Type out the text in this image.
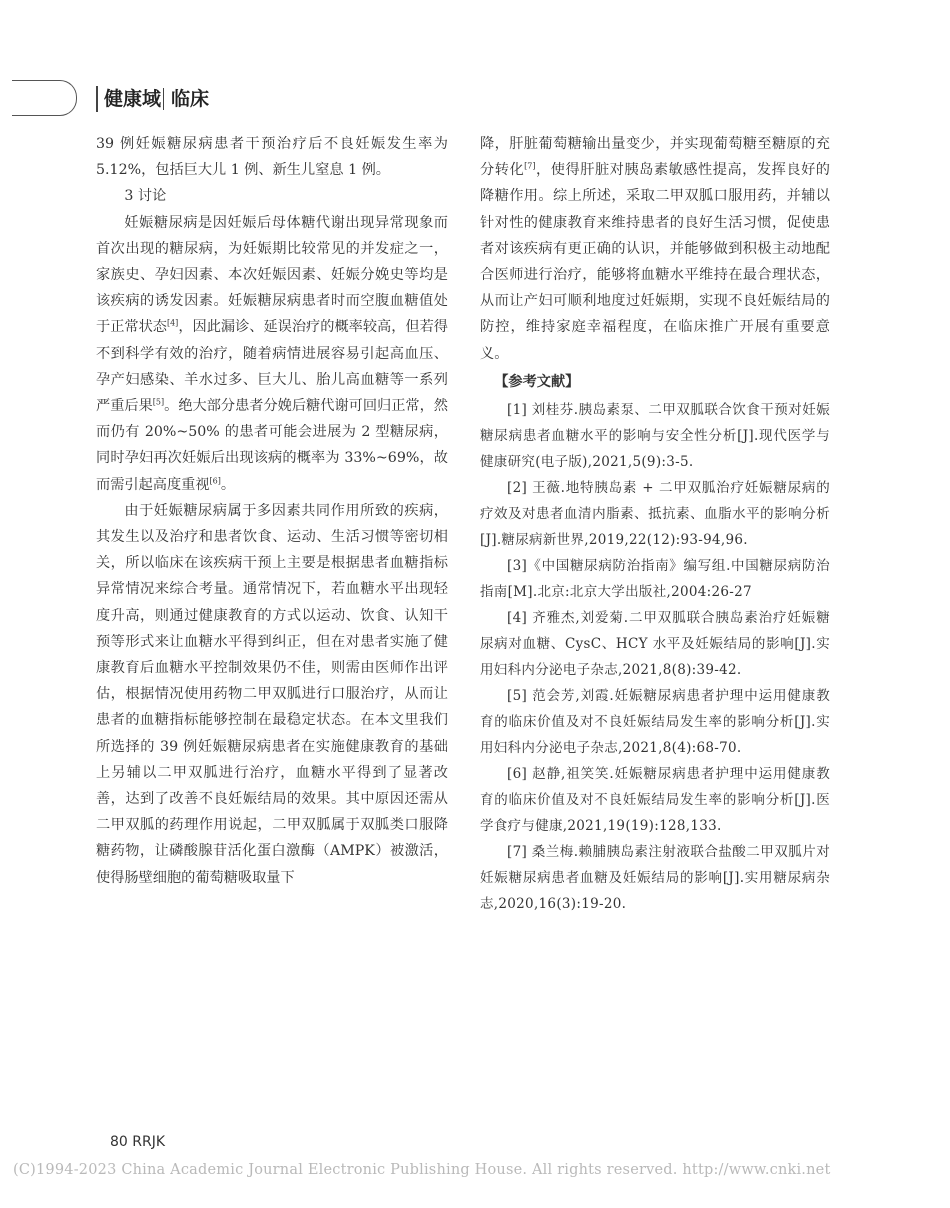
健康域 临床

39 例妊娠糖尿病患者干预治疗后不良妊娠发生率为 5.12%，包括巨大儿 1 例、新生儿窒息 1 例。

3 讨论

妊娠糖尿病是因妊娠后母体糖代谢出现异常现象而首次出现的糖尿病，为妊娠期比较常见的并发症之一，家族史、孕妇因素、本次妊娠因素、妊娠分娩史等均是该疾病的诱发因素。妊娠糖尿病患者时而空腹血糖值处于正常状态[4]，因此漏诊、延误治疗的概率较高，但若得不到科学有效的治疗，随着病情进展容易引起高血压、孕产妇感染、羊水过多、巨大儿、胎儿高血糖等一系列严重后果[5]。绝大部分患者分娩后糖代谢可回归正常，然而仍有 20%~50% 的患者可能会进展为 2 型糖尿病，同时孕妇再次妊娠后出现该病的概率为 33%~69%，故而需引起高度重视[6]。

由于妊娠糖尿病属于多因素共同作用所致的疾病，其发生以及治疗和患者饮食、运动、生活习惯等密切相关，所以临床在该疾病干预上主要是根据患者血糖指标异常情况来综合考量。通常情况下，若血糖水平出现轻度升高，则通过健康教育的方式以运动、饮食、认知干预等形式来让血糖水平得到纠正，但在对患者实施了健康教育后血糖水平控制效果仍不佳，则需由医师作出评估，根据情况使用药物二甲双胍进行口服治疗，从而让患者的血糖指标能够控制在最稳定状态。在本文里我们所选择的 39 例妊娠糖尿病患者在实施健康教育的基础上另辅以二甲双胍进行治疗，血糖水平得到了显著改善，达到了改善不良妊娠结局的效果。其中原因还需从二甲双胍的药理作用说起，二甲双胍属于双胍类口服降糖药物，让磷酸腺苷活化蛋白激酶（AMPK）被激活，使得肠壁细胞的葡萄糖吸取量下

降，肝脏葡萄糖输出量变少，并实现葡萄糖至糖原的充分转化[7]，使得肝脏对胰岛素敏感性提高，发挥良好的降糖作用。综上所述，采取二甲双胍口服用药，并辅以针对性的健康教育来维持患者的良好生活习惯，促使患者对该疾病有更正确的认识，并能够做到积极主动地配合医师进行治疗，能够将血糖水平维持在最合理状态，从而让产妇可顺利地度过妊娠期，实现不良妊娠结局的防控，维持家庭幸福程度，在临床推广开展有重要意义。

【参考文献】

[1] 刘桂芬.胰岛素泵、二甲双胍联合饮食干预对妊娠糖尿病患者血糖水平的影响与安全性分析[J].现代医学与健康研究(电子版),2021,5(9):3-5.

[2] 王薇.地特胰岛素 + 二甲双胍治疗妊娠糖尿病的疗效及对患者血清内脂素、抵抗素、血脂水平的影响分析[J].糖尿病新世界,2019,22(12):93-94,96.

[3]《中国糖尿病防治指南》编写组.中国糖尿病防治指南[M].北京:北京大学出版社,2004:26-27

[4] 齐雅杰,刘爱菊.二甲双胍联合胰岛素治疗妊娠糖尿病对血糖、CysC、HCY 水平及妊娠结局的影响[J].实用妇科内分泌电子杂志,2021,8(8):39-42.

[5] 范会芳,刘霞.妊娠糖尿病患者护理中运用健康教育的临床价值及对不良妊娠结局发生率的影响分析[J].实用妇科内分泌电子杂志,2021,8(4):68-70.

[6] 赵静,祖笑笑.妊娠糖尿病患者护理中运用健康教育的临床价值及对不良妊娠结局发生率的影响分析[J].医学食疗与健康,2021,19(19):128,133.

[7] 桑兰梅.赖脯胰岛素注射液联合盐酸二甲双胍片对妊娠糖尿病患者血糖及妊娠结局的影响[J].实用糖尿病杂志,2020,16(3):19-20.

80 RRJK
(C)1994-2023 China Academic Journal Electronic Publishing House. All rights reserved. http://www.cnki.net
